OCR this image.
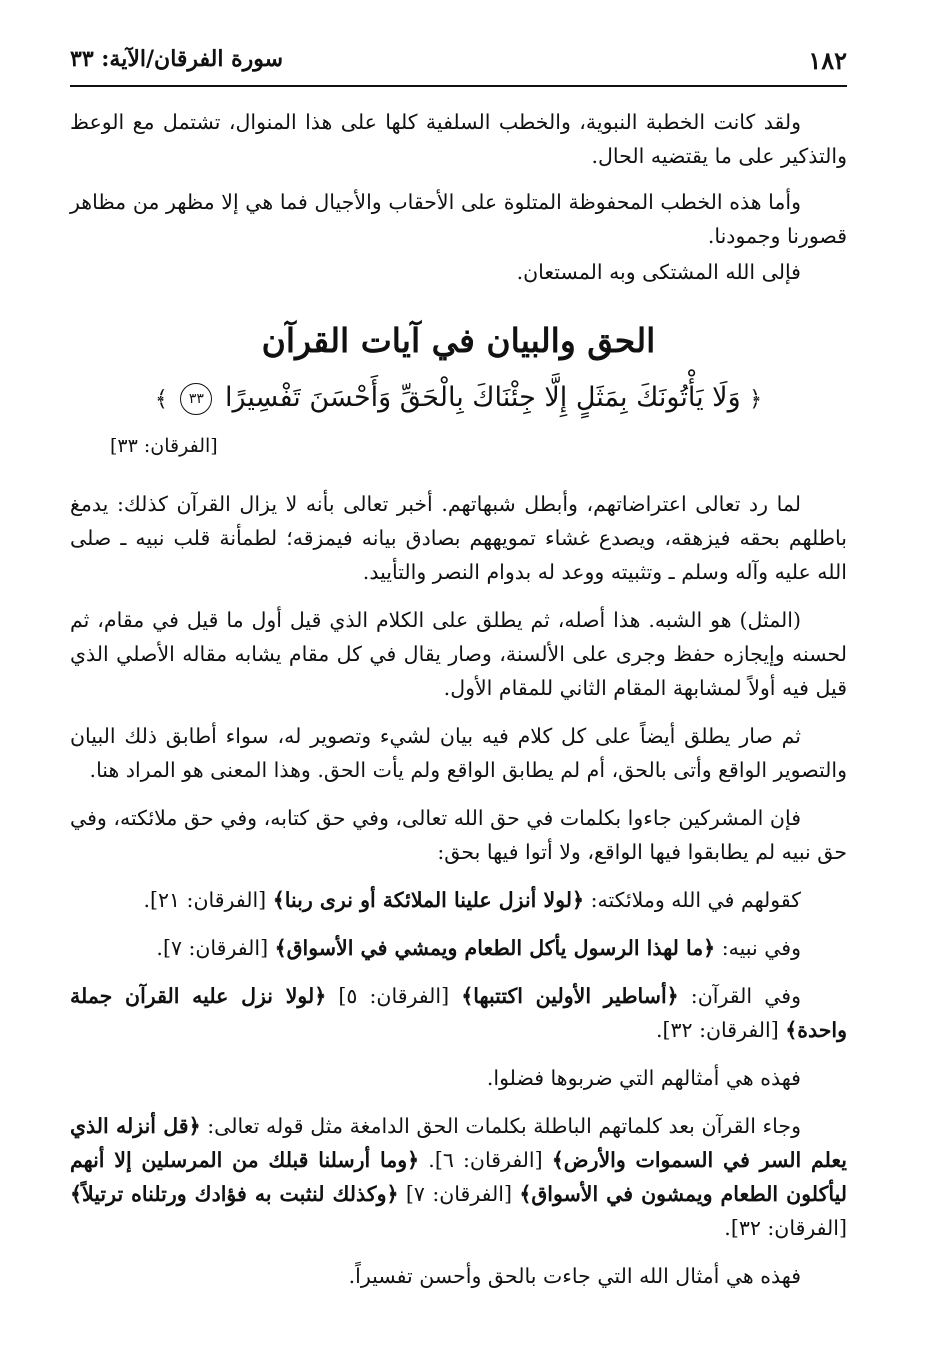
١٨٢
سورة الفرقان/الآية: ٣٣

ولقد كانت الخطبة النبوية، والخطب السلفية كلها على هذا المنوال، تشتمل مع الوعظ والتذكير على ما يقتضيه الحال.

وأما هذه الخطب المحفوظة المتلوة على الأحقاب والأجيال فما هي إلا مظهر من مظاهر قصورنا وجمودنا.

فإلى الله المشتكى وبه المستعان.

الحق والبيان في آيات القرآن
﴿ وَلَا يَأْتُونَكَ بِمَثَلٍ إِلَّا جِئْنَاكَ بِالْحَقِّ وَأَحْسَنَ تَفْسِيرًا ٣٣ ﴾
[الفرقان: ٣٣]

لما رد تعالى اعتراضاتهم، وأبطل شبهاتهم. أخبر تعالى بأنه لا يزال القرآن كذلك: يدمغ باطلهم بحقه فيزهقه، ويصدع غشاء تمويههم بصادق بيانه فيمزقه؛ لطمأنة قلب نبيه ـ صلى الله عليه وآله وسلم ـ وتثبيته ووعد له بدوام النصر والتأييد.

(المثل) هو الشبه. هذا أصله، ثم يطلق على الكلام الذي قيل أول ما قيل في مقام، ثم لحسنه وإيجازه حفظ وجرى على الألسنة، وصار يقال في كل مقام يشابه مقاله الأصلي الذي قيل فيه أولاً لمشابهة المقام الثاني للمقام الأول.

ثم صار يطلق أيضاً على كل كلام فيه بيان لشيء وتصوير له، سواء أطابق ذلك البيان والتصوير الواقع وأتى بالحق، أم لم يطابق الواقع ولم يأت الحق. وهذا المعنى هو المراد هنا.

فإن المشركين جاءوا بكلمات في حق الله تعالى، وفي حق كتابه، وفي حق ملائكته، وفي حق نبيه لم يطابقوا فيها الواقع، ولا أتوا فيها بحق:

كقولهم في الله وملائكته: ﴿لولا أنزل علينا الملائكة أو نرى ربنا﴾ [الفرقان: ٢١].

وفي نبيه: ﴿ما لهذا الرسول يأكل الطعام ويمشي في الأسواق﴾ [الفرقان: ٧].

وفي القرآن: ﴿أساطير الأولين اكتتبها﴾ [الفرقان: ٥] ﴿لولا نزل عليه القرآن جملة واحدة﴾ [الفرقان: ٣٢].

فهذه هي أمثالهم التي ضربوها فضلوا.

وجاء القرآن بعد كلماتهم الباطلة بكلمات الحق الدامغة مثل قوله تعالى: ﴿قل أنزله الذي يعلم السر في السموات والأرض﴾ [الفرقان: ٦]. ﴿وما أرسلنا قبلك من المرسلين إلا أنهم ليأكلون الطعام ويمشون في الأسواق﴾ [الفرقان: ٧] ﴿وكذلك لنثبت به فؤادك ورتلناه ترتيلاً﴾ [الفرقان: ٣٢].

فهذه هي أمثال الله التي جاءت بالحق وأحسن تفسيراً.
